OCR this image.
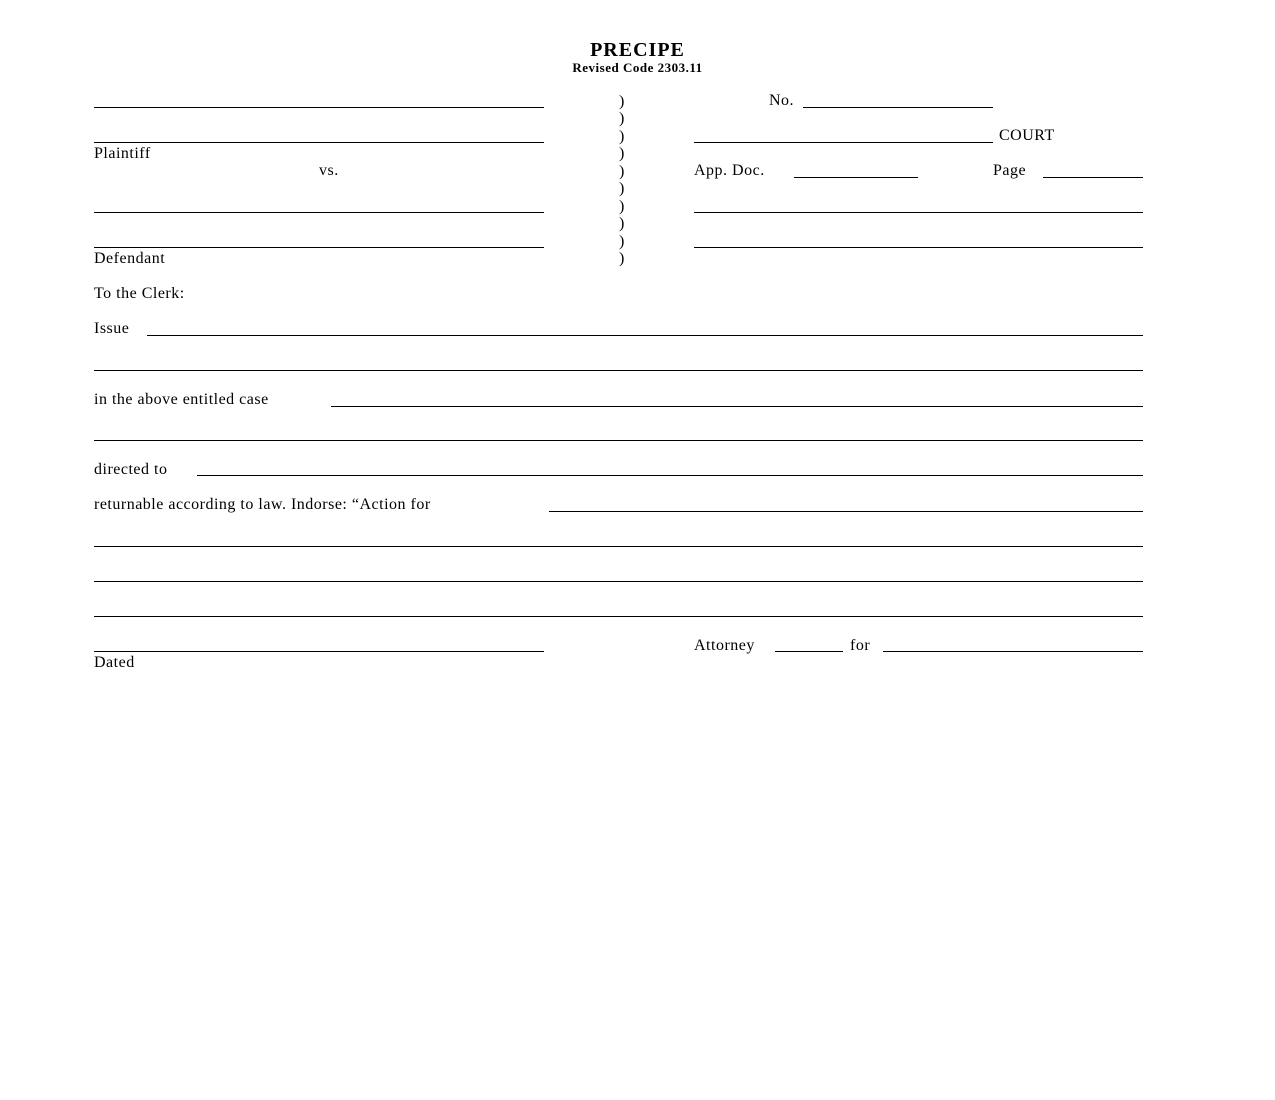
PRECIPE
Revised Code 2303.11
Plaintiff
vs.
Defendant
)
)
)
)
)
)
)
)
)
)
No.
COURT
App. Doc.	Page
To the Clerk:
Issue
in the above entitled case
directed to
returnable according to law. Indorse: “Action for
Dated
Attorney	for
